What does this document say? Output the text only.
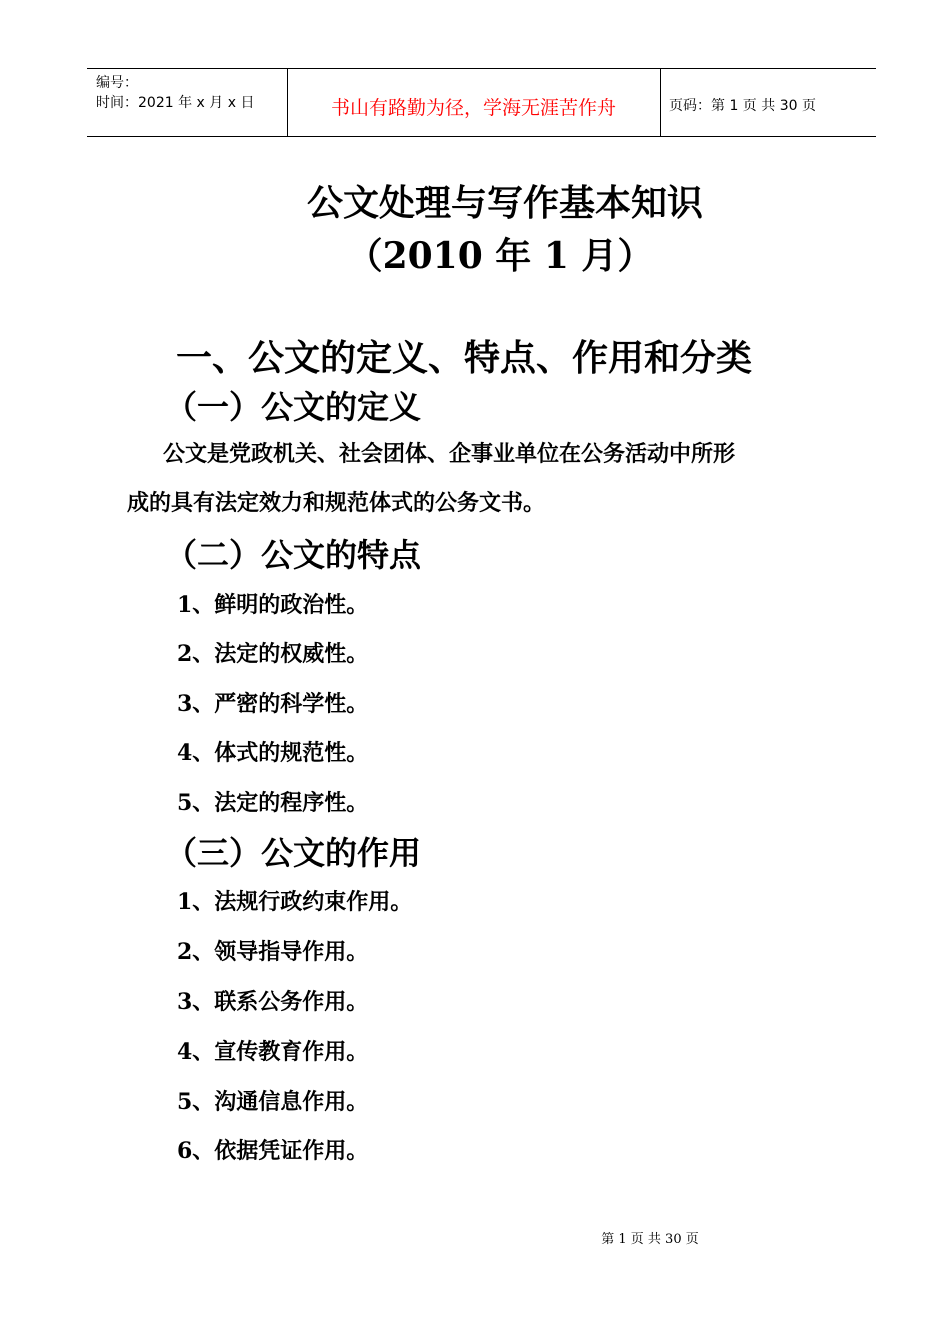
编号：
时间：2021 年 x 月 x 日	书山有路勤为径，学海无涯苦作舟	页码：第 1 页 共 30 页
公文处理与写作基本知识
（2010 年 1 月）
一、公文的定义、特点、作用和分类
（一）公文的定义
公文是党政机关、社会团体、企事业单位在公务活动中所形
成的具有法定效力和规范体式的公务文书。
（二）公文的特点
1、鲜明的政治性。
2、法定的权威性。
3、严密的科学性。
4、体式的规范性。
5、法定的程序性。
（三）公文的作用
1、法规行政约束作用。
2、领导指导作用。
3、联系公务作用。
4、宣传教育作用。
5、沟通信息作用。
6、依据凭证作用。
第 1 页 共 30 页
